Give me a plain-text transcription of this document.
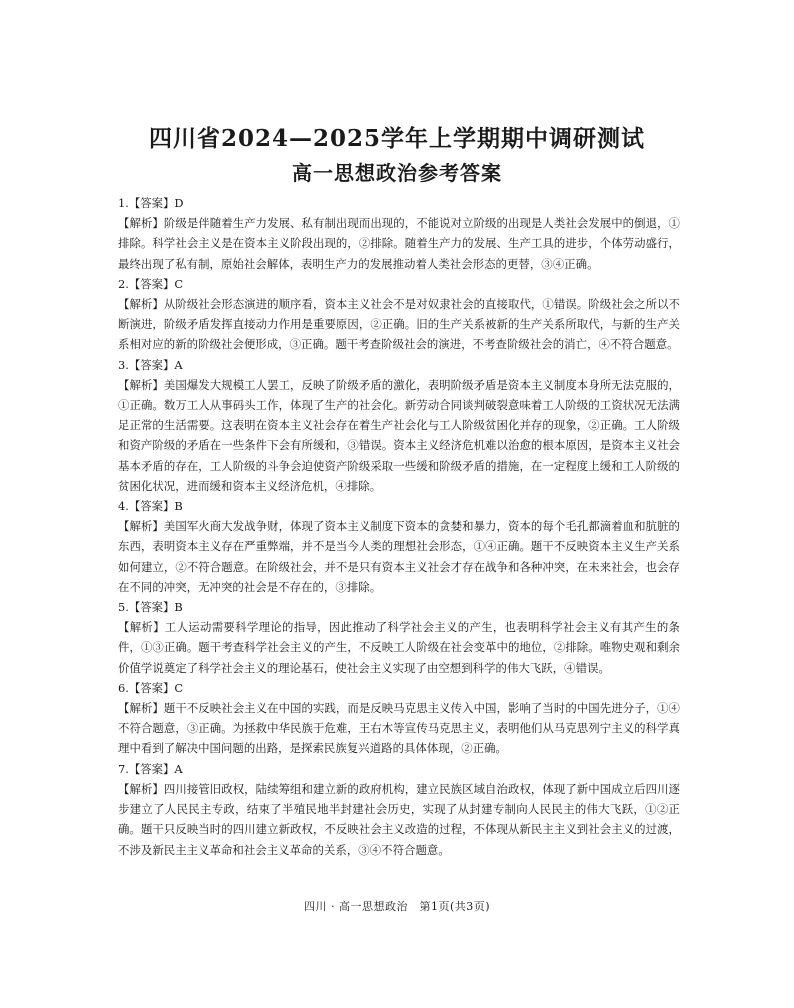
四川省2024—2025学年上学期期中调研测试
高一思想政治参考答案

1.【答案】D

【解析】阶级是伴随着生产力发展、私有制出现而出现的，不能说对立阶级的出现是人类社会发展中的倒退，①排除。科学社会主义是在资本主义阶段出现的，②排除。随着生产力的发展、生产工具的进步，个体劳动盛行，最终出现了私有制，原始社会解体，表明生产力的发展推动着人类社会形态的更替，③④正确。

2.【答案】C

【解析】从阶级社会形态演进的顺序看，资本主义社会不是对奴隶社会的直接取代，①错误。阶级社会之所以不断演进，阶级矛盾发挥直接动力作用是重要原因，②正确。旧的生产关系被新的生产关系所取代，与新的生产关系相对应的新的阶级社会便形成，③正确。题干考查阶级社会的演进，不考查阶级社会的消亡，④不符合题意。

3.【答案】A

【解析】美国爆发大规模工人罢工，反映了阶级矛盾的激化，表明阶级矛盾是资本主义制度本身所无法克服的，①正确。数万工人从事码头工作，体现了生产的社会化。新劳动合同谈判破裂意味着工人阶级的工资状况无法满足正常的生活需要。这表明在资本主义社会存在着生产社会化与工人阶级贫困化并存的现象，②正确。工人阶级和资产阶级的矛盾在一些条件下会有所缓和，③错误。资本主义经济危机难以治愈的根本原因，是资本主义社会基本矛盾的存在，工人阶级的斗争会迫使资产阶级采取一些缓和阶级矛盾的措施，在一定程度上缓和工人阶级的贫困化状况，进而缓和资本主义经济危机，④排除。

4.【答案】B

【解析】美国军火商大发战争财，体现了资本主义制度下资本的贪婪和暴力，资本的每个毛孔都滴着血和肮脏的东西，表明资本主义存在严重弊端，并不是当今人类的理想社会形态，①④正确。题干不反映资本主义生产关系如何建立，②不符合题意。在阶级社会，并不是只有资本主义社会才存在战争和各种冲突，在未来社会，也会存在不同的冲突，无冲突的社会是不存在的，③排除。

5.【答案】B

【解析】工人运动需要科学理论的指导，因此推动了科学社会主义的产生，也表明科学社会主义有其产生的条件，①③正确。题干考查科学社会主义的产生，不反映工人阶级在社会变革中的地位，②排除。唯物史观和剩余价值学说奠定了科学社会主义的理论基石，使社会主义实现了由空想到科学的伟大飞跃，④错误。

6.【答案】C

【解析】题干不反映社会主义在中国的实践，而是反映马克思主义传入中国，影响了当时的中国先进分子，①④不符合题意，③正确。为拯救中华民族于危难，王右木等宣传马克思主义，表明他们从马克思列宁主义的科学真理中看到了解决中国问题的出路，是探索民族复兴道路的具体体现，②正确。

7.【答案】A

【解析】四川接管旧政权，陆续筹组和建立新的政府机构，建立民族区域自治政权，体现了新中国成立后四川逐步建立了人民民主专政，结束了半殖民地半封建社会历史，实现了从封建专制向人民民主的伟大飞跃，①②正确。题干只反映当时的四川建立新政权，不反映社会主义改造的过程，不体现从新民主主义到社会主义的过渡，不涉及新民主主义革命和社会主义革命的关系，③④不符合题意。

四川 · 高一思想政治　第1页(共3页)
